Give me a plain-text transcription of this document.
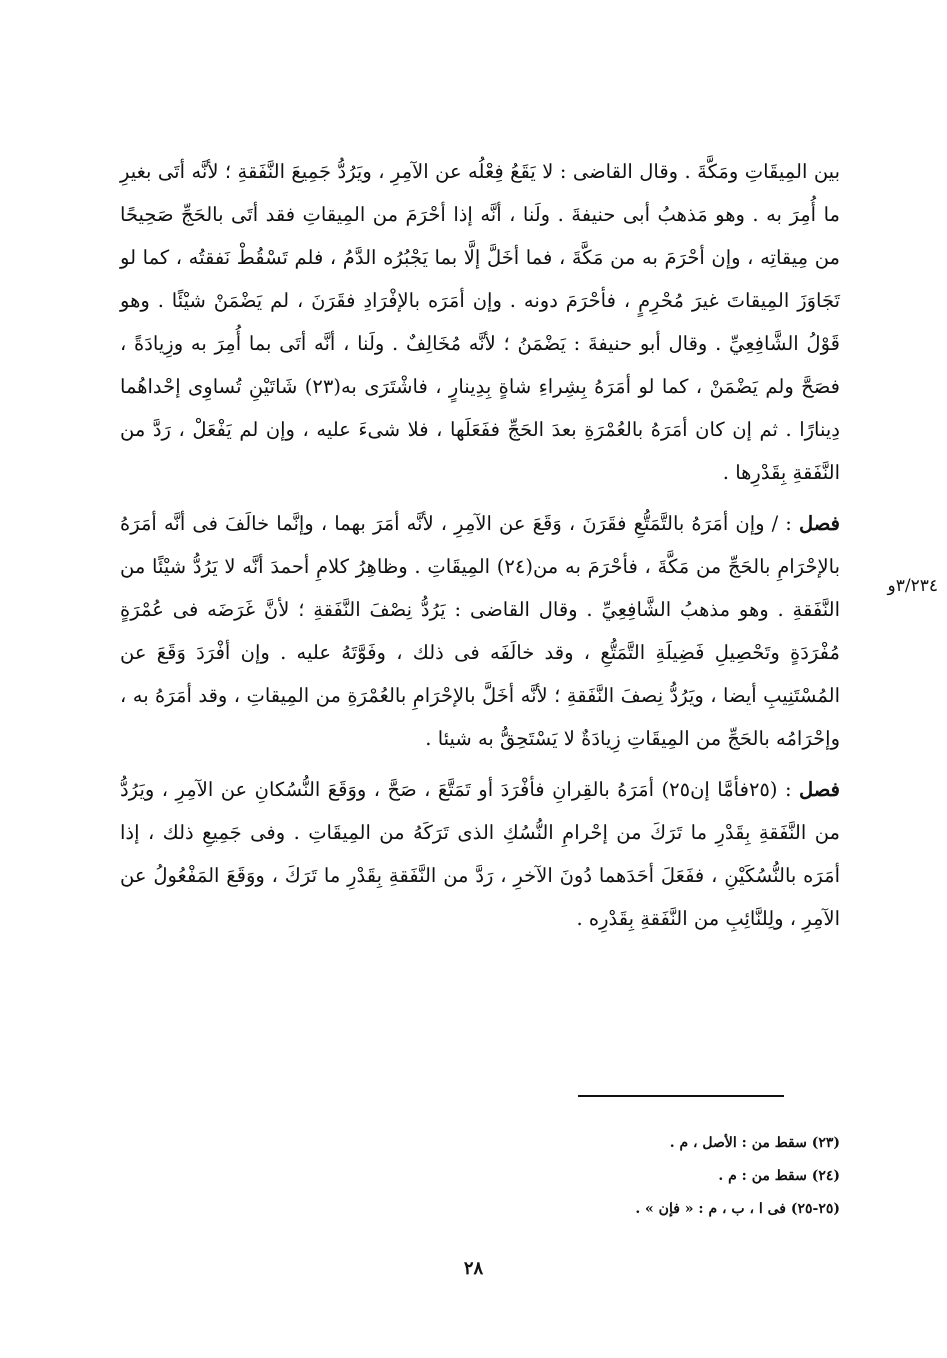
بين المِيقَاتِ ومَكَّةَ . وقال القاضى : لا يَقَعُ فِعْلُه عن الآمِرِ ، ويَرُدُّ جَمِيعَ النَّفَقةِ ؛ لأنَّه أتَى بغيرِ ما أُمِرَ به . وهو مَذهبُ أبى حنيفةَ . ولَنا ، أنَّه إذا أحْرَمَ من المِيقاتِ فقد أتَى بالحَجِّ صَحِيحًا من مِيقاتِه ، وإن أحْرَمَ به من مَكَّةَ ، فما أخَلَّ إلَّا بما يَجْبُرُه الدَّمُ ، فلم تَسْقُطْ نَفقتُه ، كما لو تَجَاوَزَ المِيقاتَ غيرَ مُحْرِمٍ ، فأحْرَمَ دونه . وإن أمَرَه بالإفْرَادِ فقَرَنَ ، لم يَضْمَنْ شيْئًا . وهو قَوْلُ الشَّافِعِيِّ . وقال أبو حنيفةَ : يَضْمَنُ ؛ لأنَّه مُخَالِفٌ . ولَنا ، أنَّه أتَى بما أُمِرَ به وزِيادَةً ، فصَحَّ ولم يَضْمَنْ ، كما لو أمَرَهُ بِشِراءِ شاةٍ بِدِينارٍ ، فاشْتَرَى به(٢٣) شَاتَيْنِ تُساوِى إحْداهُما دِينارًا . ثم إن كان أمَرَهُ بالعُمْرَةِ بعدَ الحَجِّ ففَعَلَها ، فلا شىءَ عليه ، وإن لم يَفْعَلْ ، رَدَّ من النَّفَقةِ بِقَدْرِها .

فصل : / وإن أمَرَهُ بالتَّمَتُّعِ فقَرَنَ ، وَقَعَ عن الآمِرِ ، لأنَّه أمَرَ بهما ، وإنَّما خالَفَ فى أنَّه أمَرَهُ بالإحْرَامِ بالحَجِّ من مَكَّةَ ، فأحْرَمَ به من(٢٤) المِيقَاتِ . وظاهِرُ كلامِ أحمدَ أنَّه لا يَرُدُّ شيْئًا من النَّفَقةِ . وهو مذهبُ الشَّافِعِيِّ . وقال القاضى : يَرُدُّ نِصْفَ النَّفَقةِ ؛ لأنَّ غَرَضَه فى عُمْرَةٍ مُفْرَدَةٍ وتَحْصِيلِ فَضِيلَةِ التَّمَتُّعِ ، وقد خالَفَه فى ذلك ، وفَوَّتَهُ عليه . وإن أفْرَدَ وَقَعَ عن المُسْتَنِيبِ أيضا ، ويَرُدُّ نِصفَ النَّفَقةِ ؛ لأنَّه أخَلَّ بالإحْرَامِ بالعُمْرَةِ من المِيقاتِ ، وقد أمَرَهُ به ، وإحْرَامُه بالحَجِّ من المِيقَاتِ زِيادَةٌ لا يَسْتَحِقُّ به شيئا .

فصل : (٢٥فأمَّا إن٢٥) أمَرَهُ بالقِرانِ فأفْرَدَ أو تَمَتَّعَ ، صَحَّ ، ووَقَعَ النُّسُكانِ عن الآمِرِ ، ويَرُدُّ من النَّفَقةِ بِقَدْرِ ما تَرَكَ من إحْرامِ النُّسُكِ الذى تَرَكَهُ من المِيقَاتِ . وفى جَمِيعِ ذلك ، إذا أمَرَه بالنُّسُكَيْنِ ، ففَعَلَ أحَدَهما دُونَ الآخرِ ، رَدَّ من النَّفَقةِ بِقَدْرِ ما تَرَكَ ، ووَقَعَ المَفْعُولُ عن الآمِرِ ، ولِلنَّائِبِ من النَّفَقةِ بِقَدْرِه .

٣/٢٣٤و

(٢٣) سقط من : الأصل ، م .

(٢٤) سقط من : م .

(٢٥-٢٥) فى ا ، ب ، م : « فإن » .

٢٨
